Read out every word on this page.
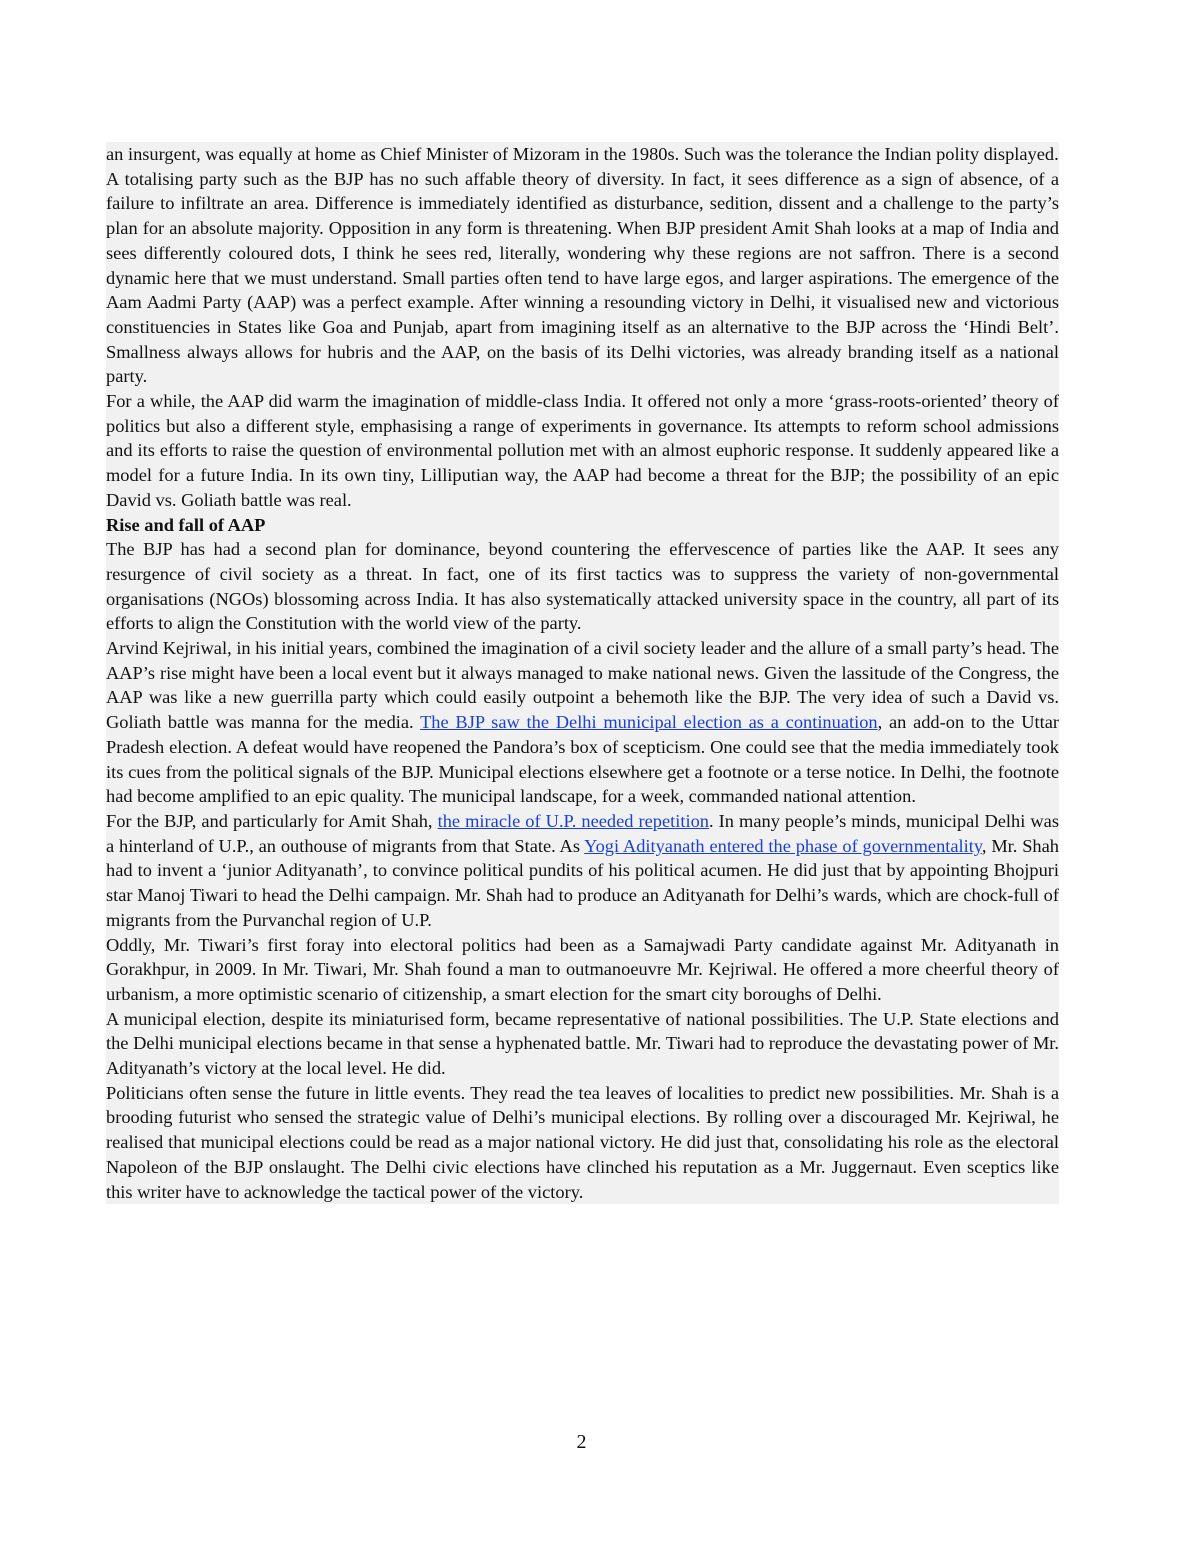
an insurgent, was equally at home as Chief Minister of Mizoram in the 1980s. Such was the tolerance the Indian polity displayed.

A totalising party such as the BJP has no such affable theory of diversity. In fact, it sees difference as a sign of absence, of a failure to infiltrate an area. Difference is immediately identified as disturbance, sedition, dissent and a challenge to the party’s plan for an absolute majority. Opposition in any form is threatening. When BJP president Amit Shah looks at a map of India and sees differently coloured dots, I think he sees red, literally, wondering why these regions are not saffron. There is a second dynamic here that we must understand. Small parties often tend to have large egos, and larger aspirations. The emergence of the Aam Aadmi Party (AAP) was a perfect example. After winning a resounding victory in Delhi, it visualised new and victorious constituencies in States like Goa and Punjab, apart from imagining itself as an alternative to the BJP across the ‘Hindi Belt’. Smallness always allows for hubris and the AAP, on the basis of its Delhi victories, was already branding itself as a national party.

For a while, the AAP did warm the imagination of middle-class India. It offered not only a more ‘grass-roots-oriented’ theory of politics but also a different style, emphasising a range of experiments in governance. Its attempts to reform school admissions and its efforts to raise the question of environmental pollution met with an almost euphoric response. It suddenly appeared like a model for a future India. In its own tiny, Lilliputian way, the AAP had become a threat for the BJP; the possibility of an epic David vs. Goliath battle was real.

Rise and fall of AAP

The BJP has had a second plan for dominance, beyond countering the effervescence of parties like the AAP. It sees any resurgence of civil society as a threat. In fact, one of its first tactics was to suppress the variety of non-governmental organisations (NGOs) blossoming across India. It has also systematically attacked university space in the country, all part of its efforts to align the Constitution with the world view of the party.

Arvind Kejriwal, in his initial years, combined the imagination of a civil society leader and the allure of a small party’s head. The AAP’s rise might have been a local event but it always managed to make national news. Given the lassitude of the Congress, the AAP was like a new guerrilla party which could easily outpoint a behemoth like the BJP. The very idea of such a David vs. Goliath battle was manna for the media. The BJP saw the Delhi municipal election as a continuation, an add-on to the Uttar Pradesh election. A defeat would have reopened the Pandora’s box of scepticism. One could see that the media immediately took its cues from the political signals of the BJP. Municipal elections elsewhere get a footnote or a terse notice. In Delhi, the footnote had become amplified to an epic quality. The municipal landscape, for a week, commanded national attention.

For the BJP, and particularly for Amit Shah, the miracle of U.P. needed repetition. In many people’s minds, municipal Delhi was a hinterland of U.P., an outhouse of migrants from that State. As Yogi Adityanath entered the phase of governmentality, Mr. Shah had to invent a ‘junior Adityanath’, to convince political pundits of his political acumen. He did just that by appointing Bhojpuri star Manoj Tiwari to head the Delhi campaign. Mr. Shah had to produce an Adityanath for Delhi’s wards, which are chock-full of migrants from the Purvanchal region of U.P.

Oddly, Mr. Tiwari’s first foray into electoral politics had been as a Samajwadi Party candidate against Mr. Adityanath in Gorakhpur, in 2009. In Mr. Tiwari, Mr. Shah found a man to outmanoeuvre Mr. Kejriwal. He offered a more cheerful theory of urbanism, a more optimistic scenario of citizenship, a smart election for the smart city boroughs of Delhi.

A municipal election, despite its miniaturised form, became representative of national possibilities. The U.P. State elections and the Delhi municipal elections became in that sense a hyphenated battle. Mr. Tiwari had to reproduce the devastating power of Mr. Adityanath’s victory at the local level. He did.

Politicians often sense the future in little events. They read the tea leaves of localities to predict new possibilities. Mr. Shah is a brooding futurist who sensed the strategic value of Delhi’s municipal elections. By rolling over a discouraged Mr. Kejriwal, he realised that municipal elections could be read as a major national victory. He did just that, consolidating his role as the electoral Napoleon of the BJP onslaught. The Delhi civic elections have clinched his reputation as a Mr. Juggernaut. Even sceptics like this writer have to acknowledge the tactical power of the victory.

2
